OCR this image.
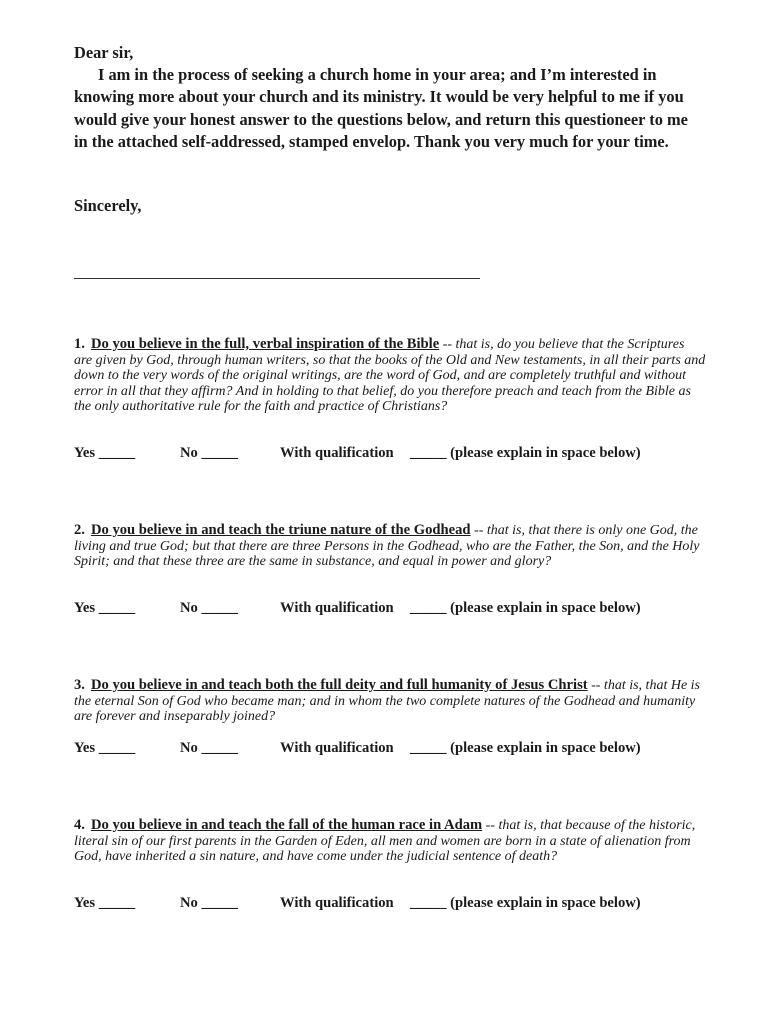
Dear sir,

I am in the process of seeking a church home in your area; and I’m interested in knowing more about your church and its ministry. It would be very helpful to me if you would give your honest answer to the questions below, and return this questioneer to me in the attached self-addressed, stamped envelop. Thank you very much for your time.

Sincerely,
1. Do you believe in the full, verbal inspiration of the Bible -- that is, do you believe that the Scriptures are given by God, through human writers, so that the books of the Old and New testaments, in all their parts and down to the very words of the original writings, are the word of God, and are completely truthful and without error in all that they affirm? And in holding to that belief, do you therefore preach and teach from the Bible as the only authoritative rule for the faith and practice of Christians?
Yes _____	No _____	With qualification _____ (please explain in space below)
2. Do you believe in and teach the triune nature of the Godhead -- that is, that there is only one God, the living and true God; but that there are three Persons in the Godhead, who are the Father, the Son, and the Holy Spirit; and that these three are the same in substance, and equal in power and glory?
Yes _____	No _____	With qualification _____ (please explain in space below)
3. Do you believe in and teach both the full deity and full humanity of Jesus Christ -- that is, that He is the eternal Son of God who became man; and in whom the two complete natures of the Godhead and humanity are forever and inseparably joined?
Yes _____	No _____	With qualification _____ (please explain in space below)
4. Do you believe in and teach the fall of the human race in Adam -- that is, that because of the historic, literal sin of our first parents in the Garden of Eden, all men and women are born in a state of alienation from God, have inherited a sin nature, and have come under the judicial sentence of death?
Yes _____	No _____	With qualification _____ (please explain in space below)
